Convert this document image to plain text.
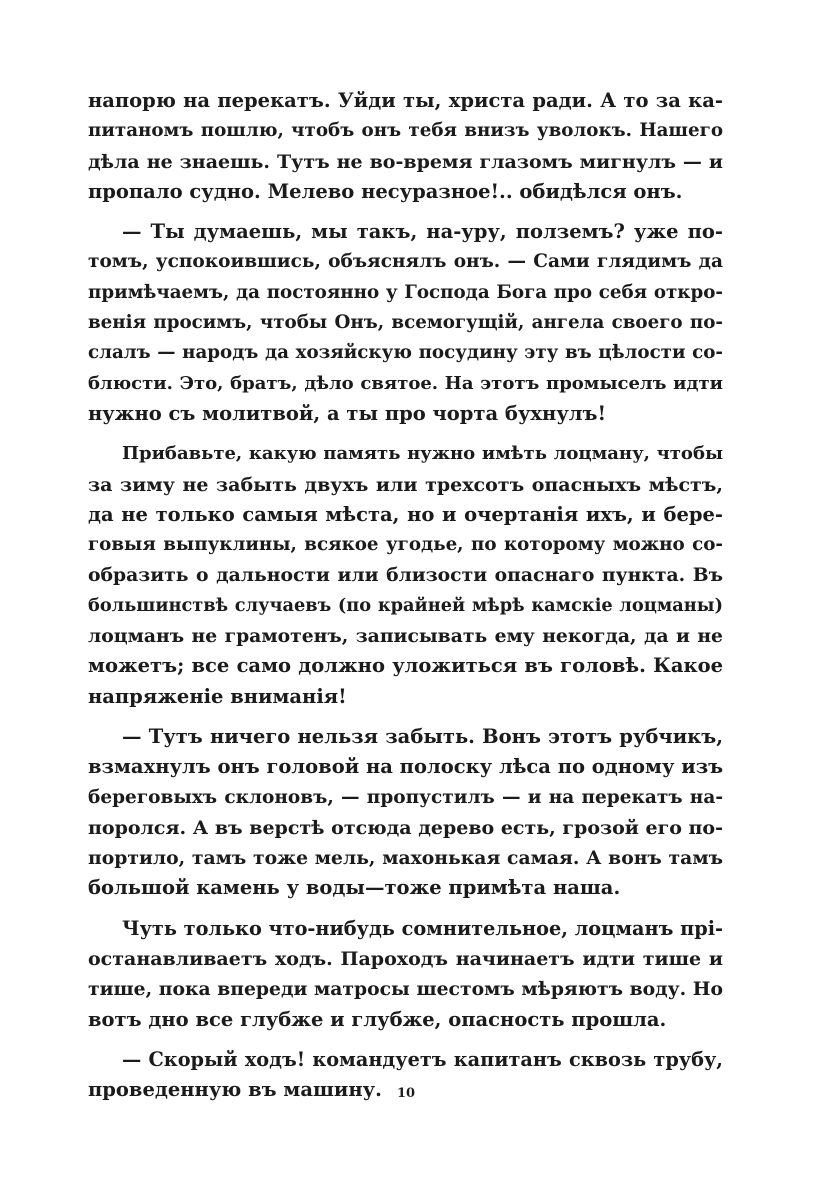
напорю на перекатъ. Уйди ты, христа ради. А то за ка-
питаномъ пошлю, чтобъ онъ тебя внизъ уволокъ. Нашего
дѣла не знаешь. Тутъ не во-время глазомъ мигнулъ — и
пропало судно. Мелево несуразное!.. обидѣлся онъ.
— Ты думаешь, мы такъ, на-уру, полземъ? уже по-
томъ, успокоившись, объяснялъ онъ. — Сами глядимъ да
примѣчаемъ, да постоянно у Господа Бога про себя откро-
венія просимъ, чтобы Онъ, всемогущій, ангела своего по-
слалъ — народъ да хозяйскую посудину эту въ цѣлости со-
блюсти. Это, братъ, дѣло святое. На этотъ промыселъ идти
нужно съ молитвой, а ты про чорта бухнулъ!
Прибавьте, какую память нужно имѣть лоцману, чтобы
за зиму не забыть двухъ или трехсотъ опасныхъ мѣстъ,
да не только самыя мѣста, но и очертанія ихъ, и бере-
говыя выпуклины, всякое угодье, по которому можно со-
образить о дальности или близости опаснаго пункта. Въ
большинствѣ случаевъ (по крайней мѣрѣ камскіе лоцманы)
лоцманъ не грамотенъ, записывать ему некогда, да и не
можетъ; все само должно уложиться въ головѣ. Какое
напряженіе вниманія!
— Тутъ ничего нельзя забыть. Вонъ этотъ рубчикъ,
взмахнулъ онъ головой на полоску лѣса по одному изъ
береговыхъ склоновъ, — пропустилъ — и на перекатъ на-
поролся. А въ верстѣ отсюда дерево есть, грозой его по-
портило, тамъ тоже мель, махонькая самая. А вонъ тамъ
большой камень у воды—тоже примѣта наша.
Чуть только что-нибудь сомнительное, лоцманъ прі-
останавливаетъ ходъ. Пароходъ начинаетъ идти тише и
тише, пока впереди матросы шестомъ мѣряютъ воду. Но
вотъ дно все глубже и глубже, опасность прошла.
— Скорый ходъ! командуетъ капитанъ сквозь трубу,
проведенную въ машину.	10
